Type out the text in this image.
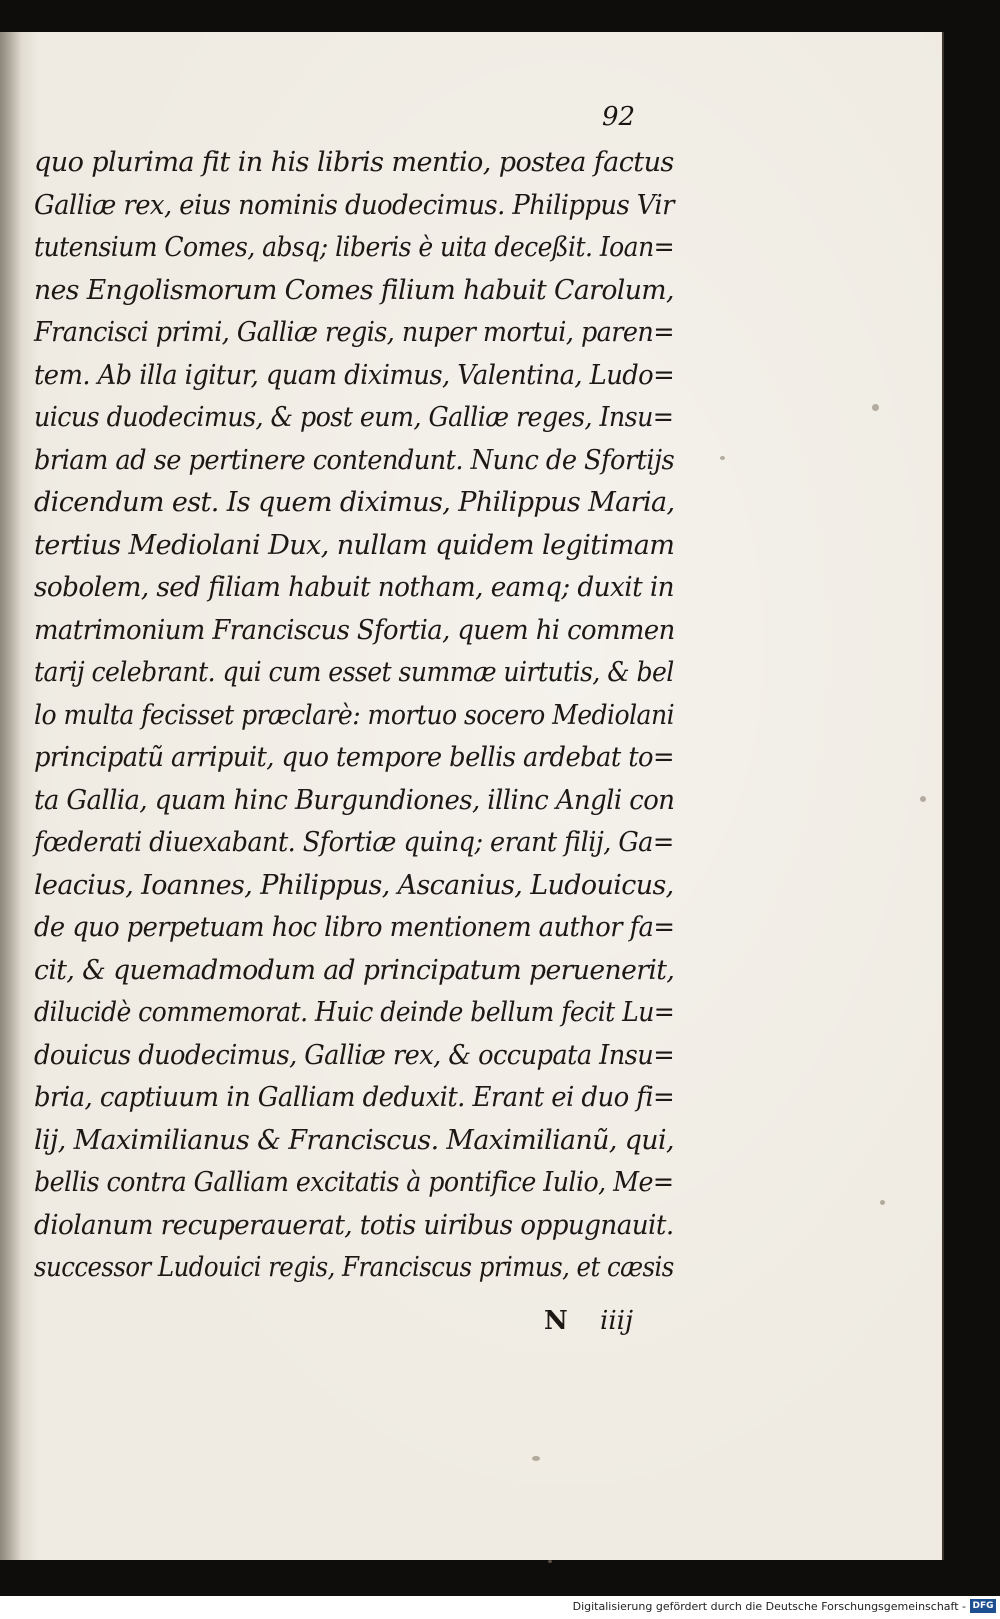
92
quo plurima fit in his libris mentio, postea factus
Galliæ rex, eius nominis duodecimus. Philippus Vir
tutensium Comes, absq; liberis è uita deceßit. Ioan=
nes Engolismorum Comes filium habuit Carolum,
Francisci primi, Galliæ regis, nuper mortui, paren=
tem. Ab illa igitur, quam diximus, Valentina, Ludo=
uicus duodecimus, & post eum, Galliæ reges, Insu=
briam ad se pertinere contendunt. Nunc de Sfortijs
dicendum est. Is quem diximus, Philippus Maria,
tertius Mediolani Dux, nullam quidem legitimam
sobolem, sed filiam habuit notham, eamq; duxit in
matrimonium Franciscus Sfortia, quem hi commen
tarij celebrant. qui cum esset summæ uirtutis, & bel
lo multa fecisset præclarè: mortuo socero Mediolani
principatũ arripuit, quo tempore bellis ardebat to=
ta Gallia, quam hinc Burgundiones, illinc Angli con
fœderati diuexabant. Sfortiæ quinq; erant filij, Ga=
leacius, Ioannes, Philippus, Ascanius, Ludouicus,
de quo perpetuam hoc libro mentionem author fa=
cit, & quemadmodum ad principatum peruenerit,
dilucidè commemorat. Huic deinde bellum fecit Lu=
douicus duodecimus, Galliæ rex, & occupata Insu=
bria, captiuum in Galliam deduxit. Erant ei duo fi=
lij, Maximilianus & Franciscus. Maximilianũ, qui,
bellis contra Galliam excitatis à pontifice Iulio, Me=
diolanum recuperauerat, totis uiribus oppugnauit.
successor Ludouici regis, Franciscus primus, et cæsis
N iiij
Digitalisierung gefördert durch die Deutsche Forschungsgemeinschaft - DFG
